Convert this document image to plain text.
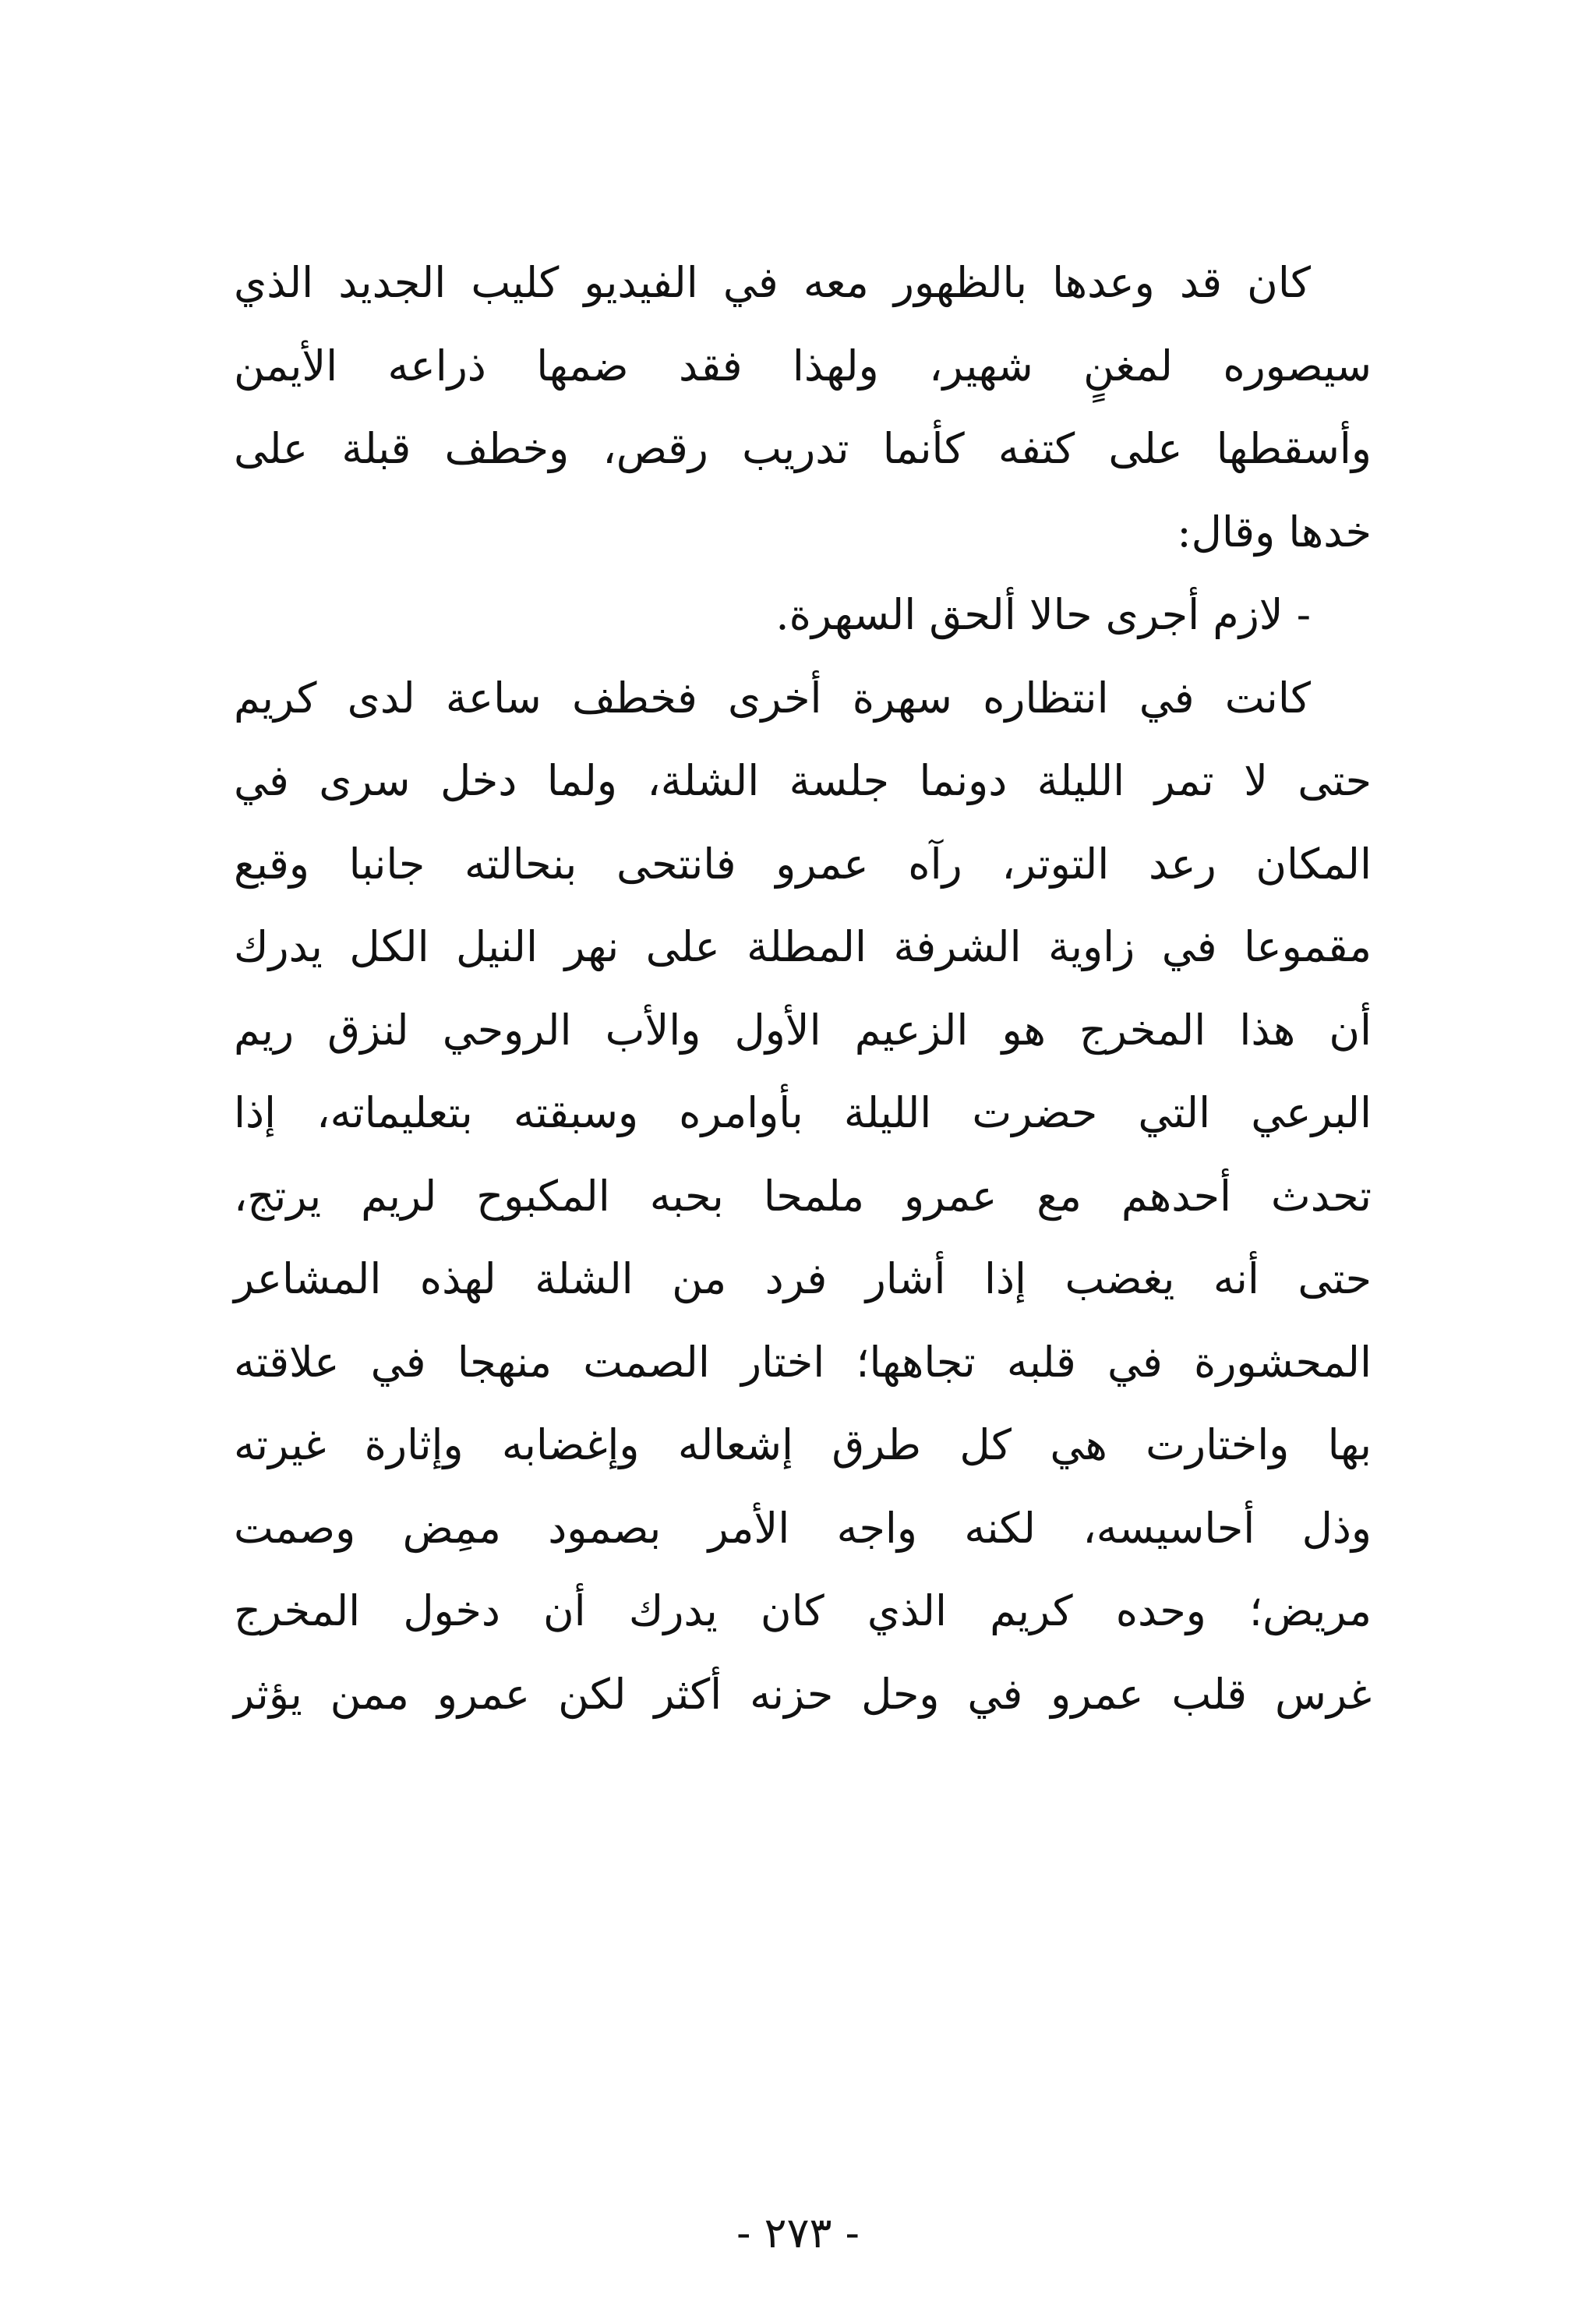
كان قد وعدها بالظهور معه في الفيديو كليب الجديد الذي
سيصوره لمغنٍ شهير، ولهذا فقد ضمها ذراعه الأيمن
وأسقطها على كتفه كأنما تدريب رقص، وخطف قبلة على
خدها وقال:
- لازم أجرى حالا ألحق السهرة.
كانت في انتظاره سهرة أخرى فخطف ساعة لدى كريم
حتى لا تمر الليلة دونما جلسة الشلة، ولما دخل سرى في
المكان رعد التوتر، رآه عمرو فانتحى بنحالته جانبا وقبع
مقموعا في زاوية الشرفة المطلة على نهر النيل الكل يدرك
أن هذا المخرج هو الزعيم الأول والأب الروحي لنزق ريم
البرعي التي حضرت الليلة بأوامره وسبقته بتعليماته، إذا
تحدث أحدهم مع عمرو ملمحا بحبه المكبوح لريم يرتج،
حتى أنه يغضب إذا أشار فرد من الشلة لهذه المشاعر
المحشورة في قلبه تجاهها؛ اختار الصمت منهجا في علاقته
بها واختارت هي كل طرق إشعاله وإغضابه وإثارة غيرته
وذل أحاسيسه، لكنه واجه الأمر بصمود ممِض وصمت
مريض؛ وحده كريم الذي كان يدرك أن دخول المخرج
غرس قلب عمرو في وحل حزنه أكثر لكن عمرو ممن يؤثر
- ٢٧٣ -
